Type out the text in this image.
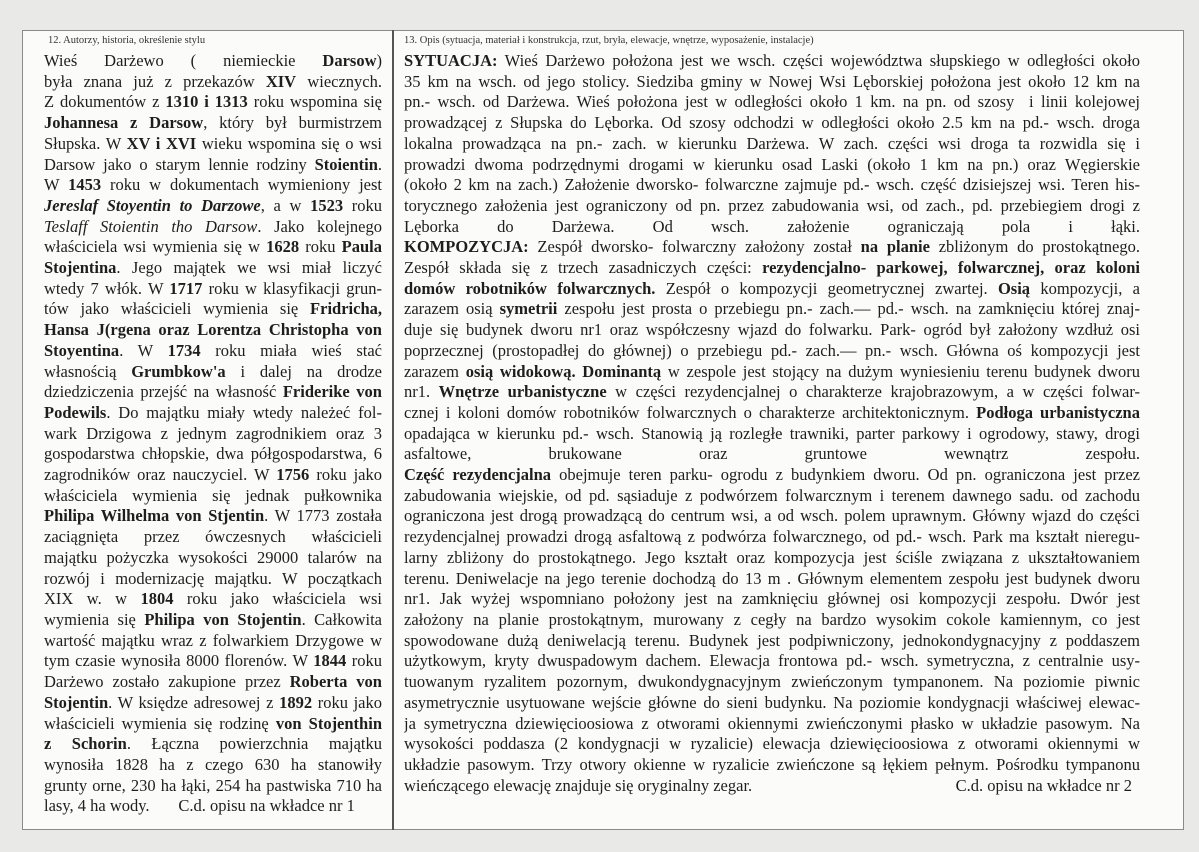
12. Autorzy, historia, określenie stylu
Wieś Darżewo ( niemieckie Darsow)
była znana już z przekazów XIV wiecznych.
Z dokumentów z 1310 i 1313 roku wspomina się
Johannesa z Darsow, który był burmistrzem
Słupska. W XV i XVI wieku wspomina się o wsi
Darsow jako o starym lennie rodziny Stoientin.
W 1453 roku w dokumentach wymieniony jest
Jereslaf Stoyentin to Darzowe, a w 1523 roku
Teslaff Stoientin tho Darsow. Jako kolejnego
właściciela wsi wymienia się w 1628 roku Paula
Stojentina. Jego majątek we wsi miał liczyć
wtedy 7 włók. W 1717 roku w klasyfikacji grun-
tów jako właścicieli wymienia się Fridricha,
Hansa J(rgena oraz Lorentza Christopha von
Stoyentina. W 1734 roku miała wieś stać
własnością Grumbkow'a i dalej na drodze
dziedziczenia przejść na własność Friderike von
Podewils. Do majątku miały wtedy należeć fol-
wark Drzigowa z jednym zagrodnikiem oraz 3
gospodarstwa chłopskie, dwa półgospodarstwa, 6
zagrodników oraz nauczyciel. W 1756 roku jako
właściciela wymienia się jednak pułkownika
Philipa Wilhelma von Stjentin. W 1773 została
zaciągnięta przez ówczesnych właścicieli
majątku pożyczka wysokości 29000 talarów na
rozwój i modernizację majątku. W początkach
XIX w. w 1804 roku jako właściciela wsi
wymienia się Philipa von Stojentin. Całkowita
wartość majątku wraz z folwarkiem Drzygowe w
tym czasie wynosiła 8000 florenów. W 1844 roku
Darżewo zostało zakupione przez Roberta von
Stojentin. W księdze adresowej z 1892 roku jako
właścicieli wymienia się rodzinę von Stojenthin
z Schorin. Łączna powierzchnia majątku
wynosiła 1828 ha z czego 630 ha stanowiły
grunty orne, 230 ha łąki, 254 ha pastwiska 710 ha
lasy, 4 ha wody.       C.d. opisu na wkładce nr 1
13. Opis (sytuacja, materiał i konstrukcja, rzut, bryła, elewacje, wnętrze, wyposażenie, instalacje)
SYTUACJA: Wieś Darżewo położona jest we wsch. części województwa słupskiego w odległości około
35 km na wsch. od jego stolicy. Siedziba gminy w Nowej Wsi Lęborskiej położona jest około 12 km na
pn.- wsch. od Darżewa. Wieś położona jest w odległości około 1 km. na pn. od szosy  i linii kolejowej
prowadzącej z Słupska do Lęborka. Od szosy odchodzi w odległości około 2.5 km na pd.- wsch. droga
lokalna prowadząca na pn.- zach. w kierunku Darżewa. W zach. części wsi droga ta rozwidla się i
prowadzi dwoma podrzędnymi drogami w kierunku osad Laski (około 1 km na pn.) oraz Węgierskie
(około 2 km na zach.) Założenie dworsko- folwarczne zajmuje pd.- wsch. część dzisiejszej wsi. Teren his-
torycznego założenia jest ograniczony od pn. przez zabudowania wsi, od zach., pd. przebiegiem drogi z
Lęborka do Darżewa. Od wsch. założenie ograniczają pola i łąki.
KOMPOZYCJA: Zespół dworsko- folwarczny założony został na planie zbliżonym do prostokątnego.
Zespół składa się z trzech zasadniczych części: rezydencjalno- parkowej, folwarcznej, oraz koloni
domów robotników folwarcznych. Zespół o kompozycji geometrycznej zwartej. Osią kompozycji, a
zarazem osią symetrii zespołu jest prosta o przebiegu pn.- zach.— pd.- wsch. na zamknięciu której znaj-
duje się budynek dworu nr1 oraz współczesny wjazd do folwarku. Park- ogród był założony wzdłuż osi
poprzecznej (prostopadłej do głównej) o przebiegu pd.- zach.— pn.- wsch. Główna oś kompozycji jest
zarazem osią widokową. Dominantą w zespole jest stojący na dużym wyniesieniu terenu budynek dworu
nr1. Wnętrze urbanistyczne w części rezydencjalnej o charakterze krajobrazowym, a w części folwar-
cznej i koloni domów robotników folwarcznych o charakterze architektonicznym. Podłoga urbanistyczna
opadająca w kierunku pd.- wsch. Stanowią ją rozległe trawniki, parter parkowy i ogrodowy, stawy, drogi
asfaltowe, brukowane oraz gruntowe wewnątrz zespołu.
Część rezydencjalna obejmuje teren parku- ogrodu z budynkiem dworu. Od pn. ograniczona jest przez
zabudowania wiejskie, od pd. sąsiaduje z podwórzem folwarcznym i terenem dawnego sadu. od zachodu
ograniczona jest drogą prowadzącą do centrum wsi, a od wsch. polem uprawnym. Główny wjazd do części
rezydencjalnej prowadzi drogą asfaltową z podwórza folwarcznego, od pd.- wsch. Park ma kształt nieregu-
larny zbliżony do prostokątnego. Jego kształt oraz kompozycja jest ściśle związana z ukształtowaniem
terenu. Deniwelacje na jego terenie dochodzą do 13 m . Głównym elementem zespołu jest budynek dworu
nr1. Jak wyżej wspomniano położony jest na zamknięciu głównej osi kompozycji zespołu. Dwór jest
założony na planie prostokątnym, murowany z cegły na bardzo wysokim cokole kamiennym, co jest
spowodowane dużą deniwelacją terenu. Budynek jest podpiwniczony, jednokondygnacyjny z poddaszem
użytkowym, kryty dwuspadowym dachem. Elewacja frontowa pd.- wsch. symetryczna, z centralnie usy-
tuowanym ryzalitem pozornym, dwukondygnacyjnym zwieńczonym tympanonem. Na poziomie piwnic
asymetrycznie usytuowane wejście główne do sieni budynku. Na poziomie kondygnacji właściwej elewac-
ja symetryczna dziewięcioosiowa z otworami okiennymi zwieńczonymi płasko w układzie pasowym. Na
wysokości poddasza (2 kondygnacji w ryzalicie) elewacja dziewięcioosiowa z otworami okiennymi w
układzie pasowym. Trzy otwory okienne w ryzalicie zwieńczone są łękiem pełnym. Pośrodku tympanonu
wieńczącego elewację znajduje się oryginalny zegar.	C.d. opisu na wkładce nr 2
